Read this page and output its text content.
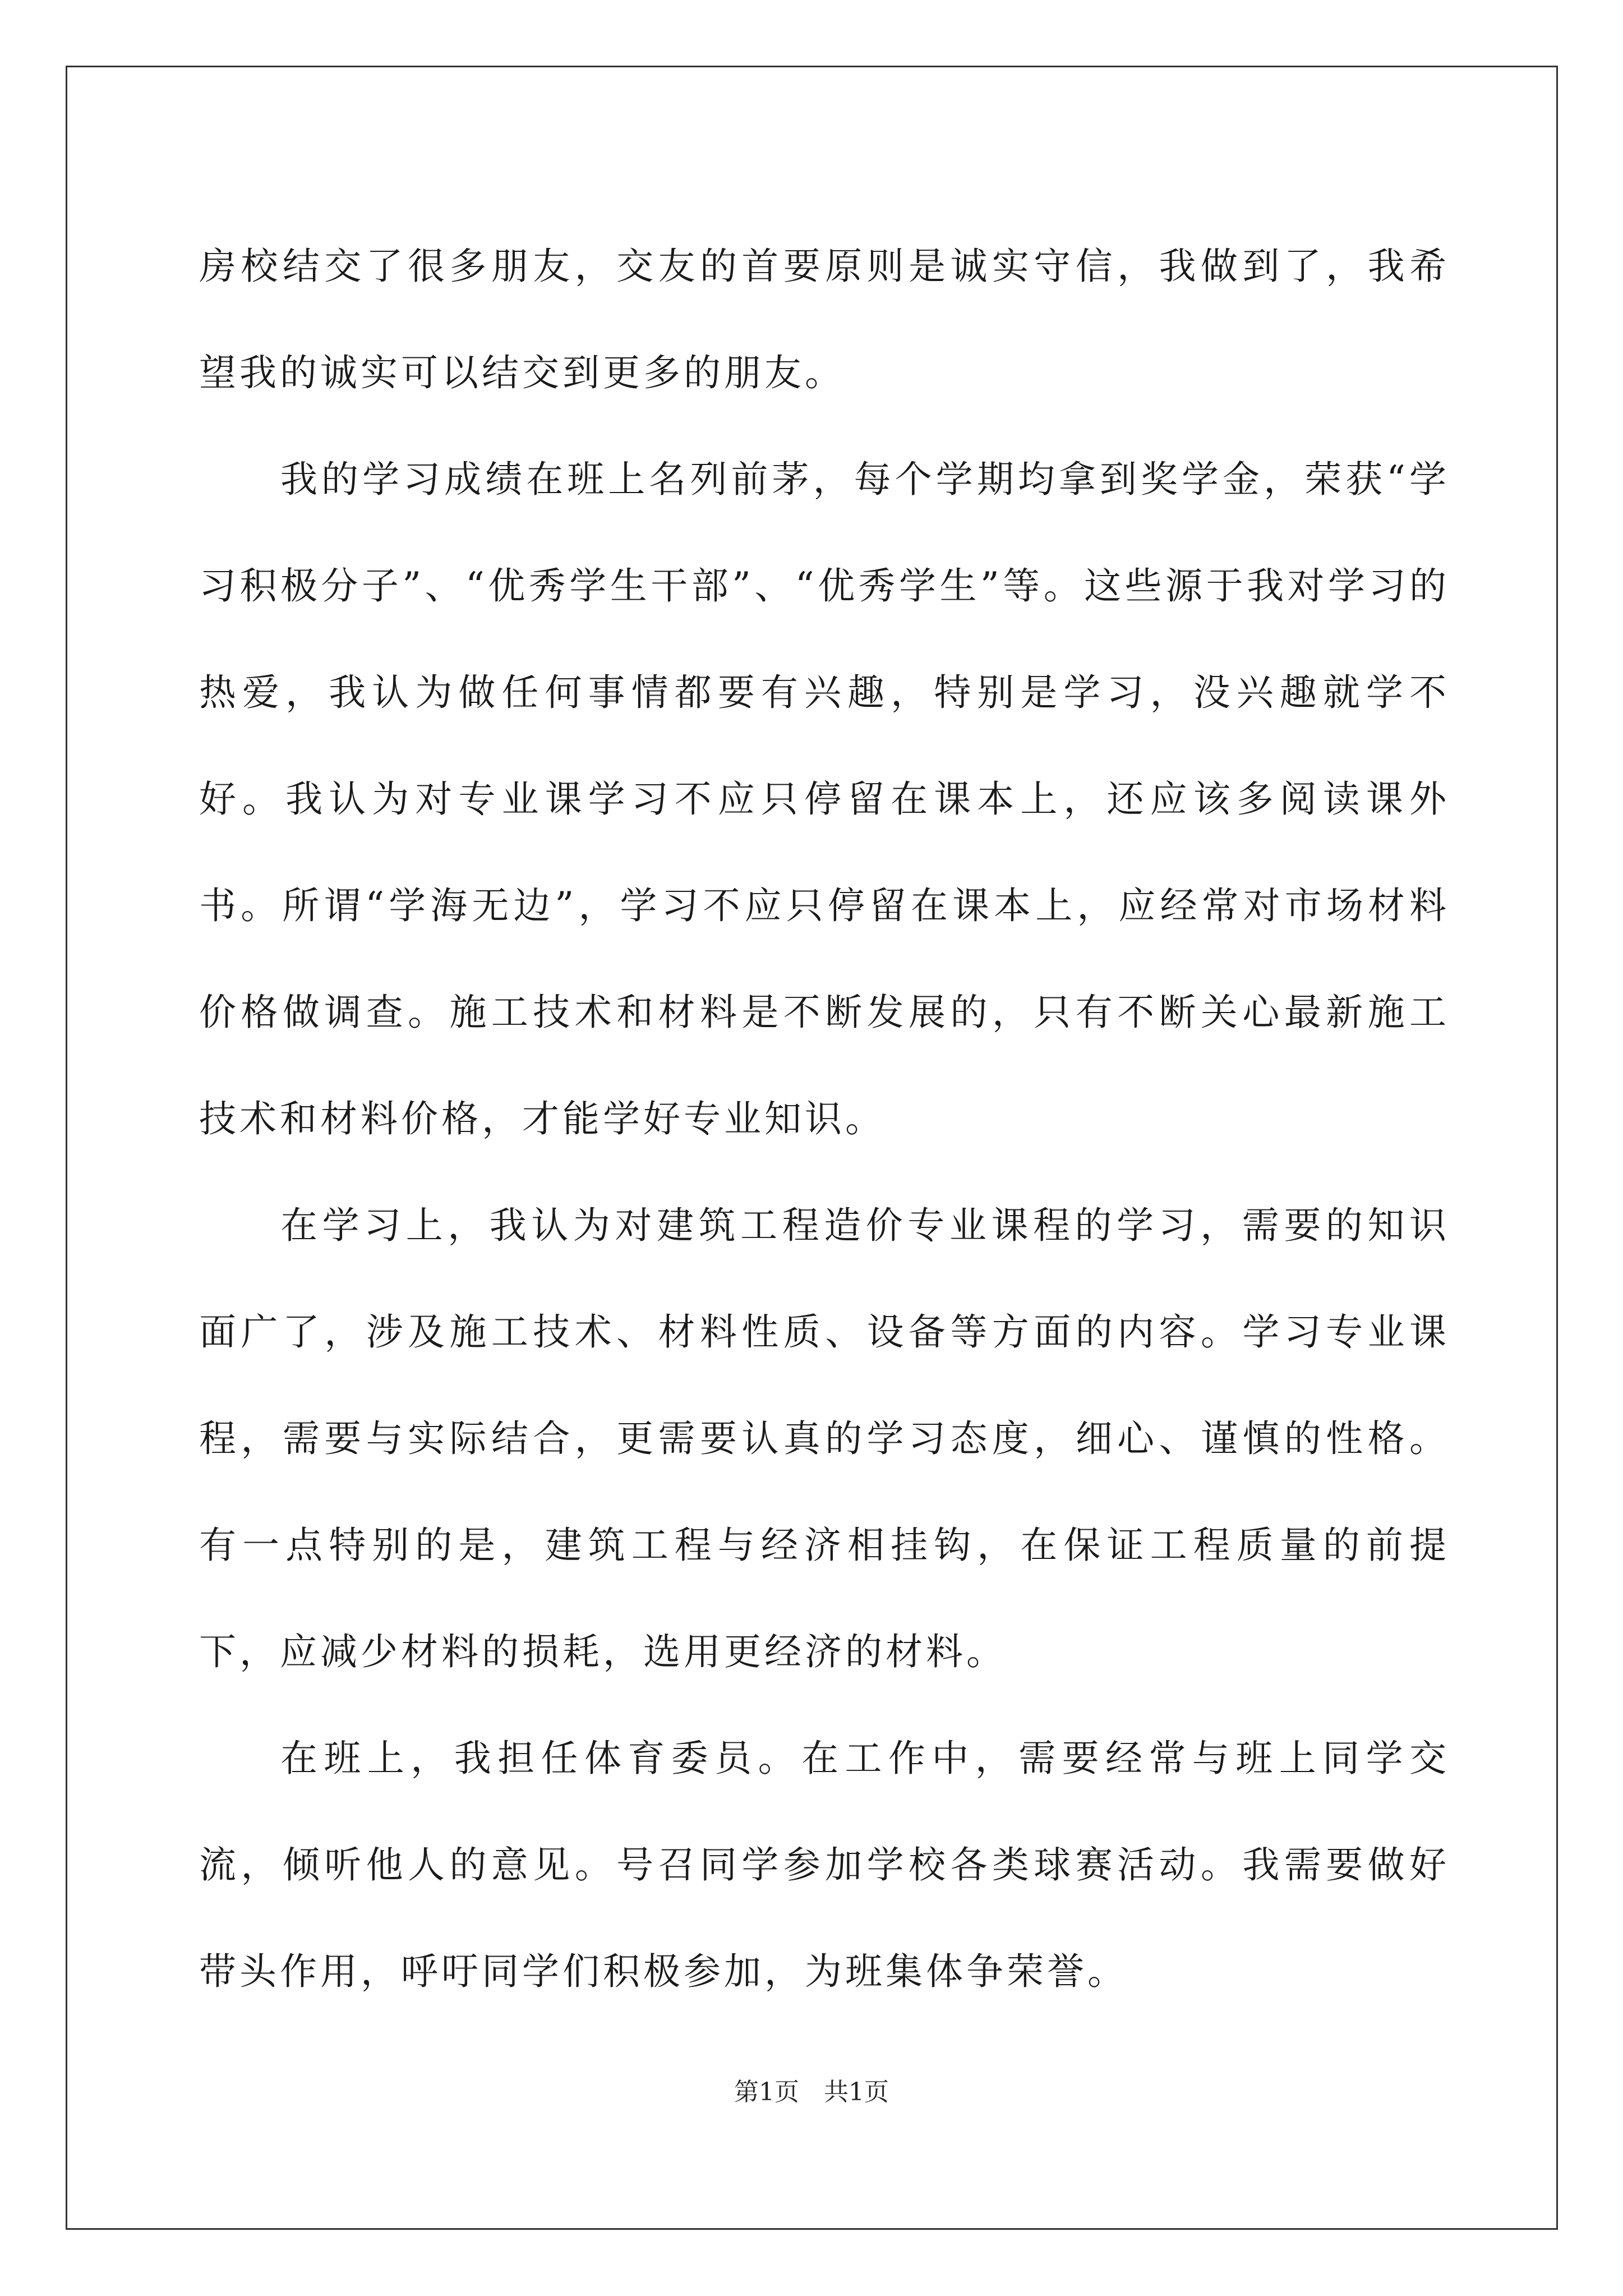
房校结交了很多朋友，交友的首要原则是诚实守信，我做到了，我希望我的诚实可以结交到更多的朋友。

我的学习成绩在班上名列前茅，每个学期均拿到奖学金，荣获“学习积极分子”、“优秀学生干部”、“优秀学生”等。这些源于我对学习的热爱，我认为做任何事情都要有兴趣，特别是学习，没兴趣就学不好。我认为对专业课学习不应只停留在课本上，还应该多阅读课外书。所谓“学海无边”，学习不应只停留在课本上，应经常对市场材料价格做调查。施工技术和材料是不断发展的，只有不断关心最新施工技术和材料价格，才能学好专业知识。

在学习上，我认为对建筑工程造价专业课程的学习，需要的知识面广了，涉及施工技术、材料性质、设备等方面的内容。学习专业课程，需要与实际结合，更需要认真的学习态度，细心、谨慎的性格。有一点特别的是，建筑工程与经济相挂钩，在保证工程质量的前提下，应减少材料的损耗，选用更经济的材料。

在班上，我担任体育委员。在工作中，需要经常与班上同学交流，倾听他人的意见。号召同学参加学校各类球赛活动。我需要做好带头作用，呼吁同学们积极参加，为班集体争荣誉。

第1页　共1页
